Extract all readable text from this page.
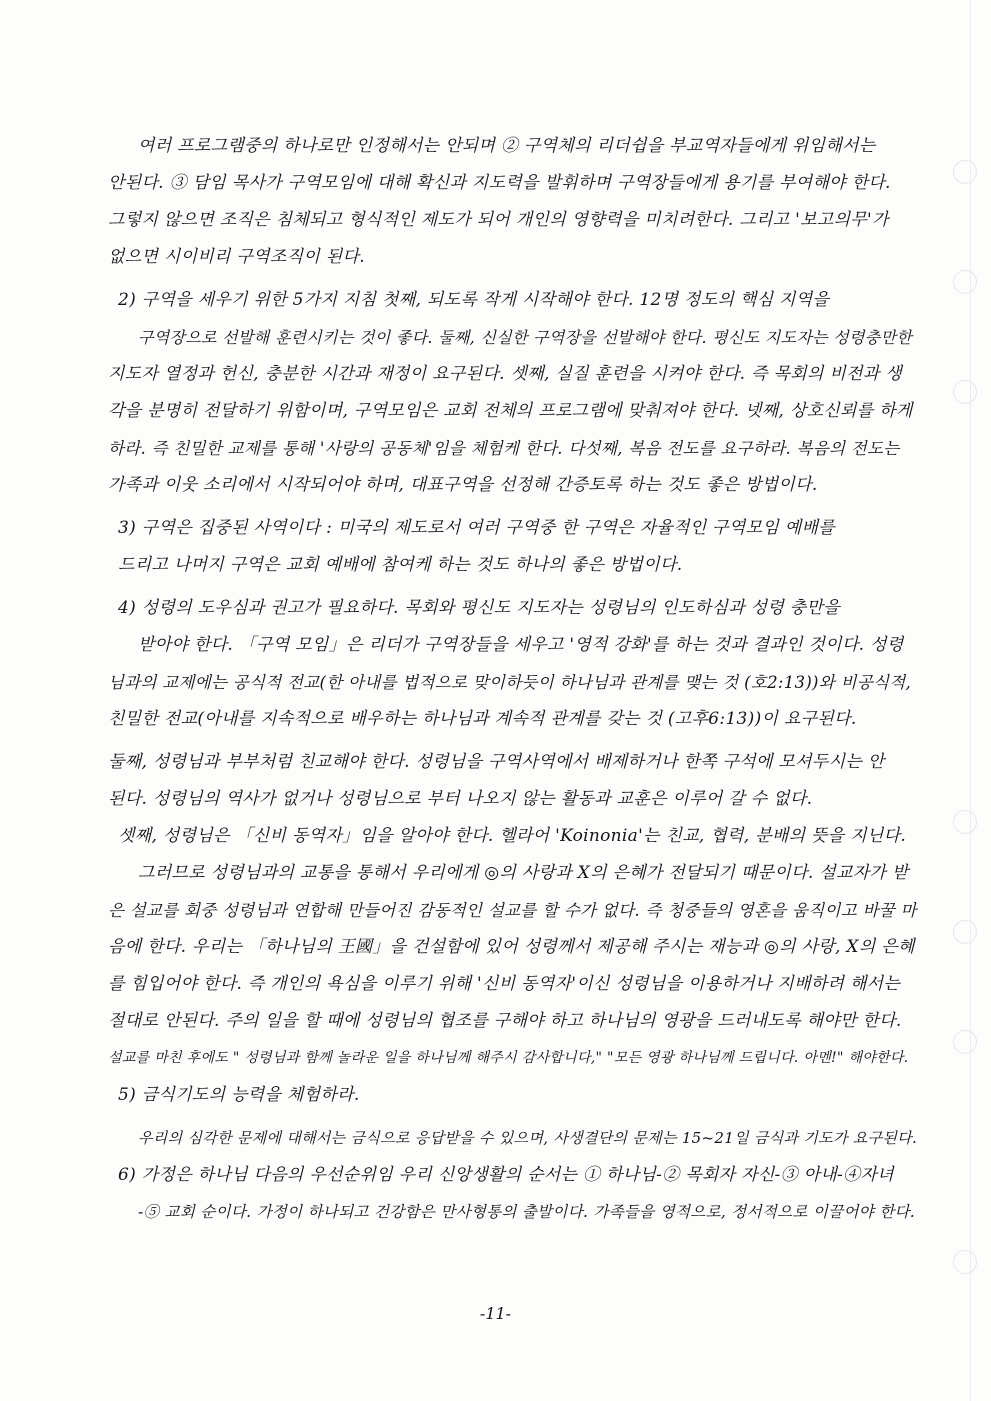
여러 프로그램중의 하나로만 인정해서는 안되며 ② 구역체의 리더쉽을 부교역자들에게 위임해서는
안된다. ③ 담임 목사가 구역모임에 대해 확신과 지도력을 발휘하며 구역장들에게 용기를 부여해야 한다.
그렇지 않으면 조직은 침체되고 형식적인 제도가 되어 개인의 영향력을 미치려한다. 그리고 '보고의무'가
없으면 시이비리 구역조직이 된다.
2) 구역을 세우기 위한 5가지 지침 첫째, 되도록 작게 시작해야 한다. 12명 정도의 핵심 지역을
구역장으로 선발해 훈련시키는 것이 좋다. 둘째, 신실한 구역장을 선발해야 한다. 평신도 지도자는 성령충만한
지도자 열정과 헌신, 충분한 시간과 재정이 요구된다. 셋째, 실질 훈련을 시켜야 한다. 즉 목회의 비전과 생
각을 분명히 전달하기 위함이며, 구역모임은 교회 전체의 프로그램에 맞춰져야 한다. 넷째, 상호신뢰를 하게
하라. 즉 친밀한 교제를 통해 '사랑의 공동체'임을 체험케 한다. 다섯째, 복음 전도를 요구하라. 복음의 전도는
가족과 이웃 소리에서 시작되어야 하며, 대표구역을 선정해 간증토록 하는 것도 좋은 방법이다.
3) 구역은 집중된 사역이다 : 미국의 제도로서 여러 구역중 한 구역은 자율적인 구역모임 예배를
드리고 나머지 구역은 교회 예배에 참여케 하는 것도 하나의 좋은 방법이다.
4) 성령의 도우심과 권고가 필요하다. 목회와 평신도 지도자는 성령님의 인도하심과 성령 충만을
받아야 한다. 「구역 모임」은 리더가 구역장들을 세우고 '영적 강화'를 하는 것과 결과인 것이다. 성령
님과의 교제에는 공식적 전교(한 아내를 법적으로 맞이하듯이 하나님과 관계를 맺는 것 (호2:13))와 비공식적,
친밀한 전교(아내를 지속적으로 배우하는 하나님과 계속적 관계를 갖는 것 (고후6:13))이 요구된다.
둘째, 성령님과 부부처럼 친교해야 한다. 성령님을 구역사역에서 배제하거나 한쪽 구석에 모셔두시는 안
된다. 성령님의 역사가 없거나 성령님으로 부터 나오지 않는 활동과 교훈은 이루어 갈 수 없다.
셋째, 성령님은 「신비 동역자」임을 알아야 한다. 헬라어 'Koinonia'는 친교, 협력, 분배의 뜻을 지닌다.
그러므로 성령님과의 교통을 통해서 우리에게 ◎의 사랑과 X의 은혜가 전달되기 때문이다. 설교자가 받
은 설교를 회중 성령님과 연합해 만들어진 감동적인 설교를 할 수가 없다. 즉 청중들의 영혼을 움직이고 바꿀 마
음에 한다. 우리는 「하나님의 王國」을 건설함에 있어 성령께서 제공해 주시는 재능과 ◎의 사랑, X의 은혜
를 힘입어야 한다. 즉 개인의 욕심을 이루기 위해 '신비 동역자'이신 성령님을 이용하거나 지배하려 해서는
절대로 안된다. 주의 일을 할 때에 성령님의 협조를 구해야 하고 하나님의 영광을 드러내도록 해야만 한다.
설교를 마친 후에도 " 성령님과 함께 놀라운 일을 하나님께 해주시 감사합니다," "모든 영광 하나님께 드립니다. 아멘!" 해야한다.
5) 금식기도의 능력을 체험하라.
우리의 심각한 문제에 대해서는 금식으로 응답받을 수 있으며, 사생결단의 문제는 15~21일 금식과 기도가 요구된다.
6) 가정은 하나님 다음의 우선순위임 우리 신앙생활의 순서는 ① 하나님-② 목회자 자신-③ 아내-④자녀
-⑤ 교회 순이다. 가정이 하나되고 건강함은 만사형통의 출발이다. 가족들을 영적으로, 정서적으로 이끌어야 한다.
-11-
